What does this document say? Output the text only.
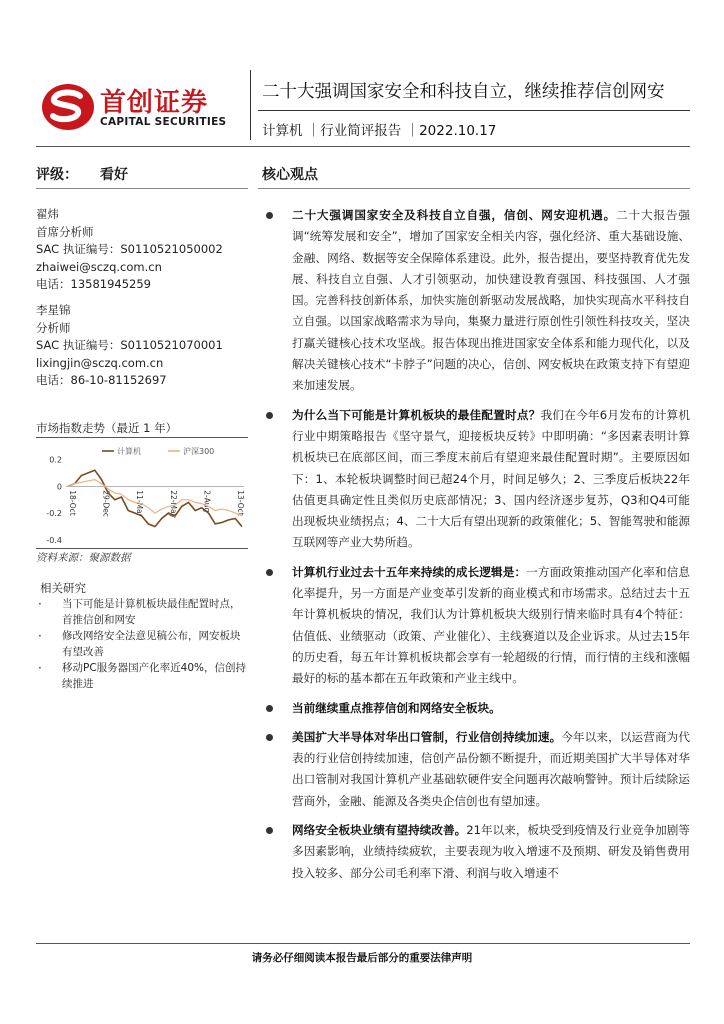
首创证券
CAPITAL SECURITIES
二十大强调国家安全和科技自立，继续推荐信创网安
计算机 ｜行业简评报告 ｜2022.10.17
评级： 看好	核心观点
翟炜
首席分析师
SAC 执证编号：S0110521050002
zhaiwei@sczq.com.cn
电话：13581945259
李星锦
分析师
SAC 执证编号：S0110521070001
lixingjin@sczq.com.cn
电话：86-10-81152697
市场指数走势（最近 1 年）
0.2
0
-0.2
-0.4
18-Oct	29-Dec	11-Mar	22-May	2-Aug	13-Oct
计算机	沪深300
资料来源：聚源数据
相关研究
· 当下可能是计算机板块最佳配置时点，首推信创和网安
· 修改网络安全法意见稿公布，网安板块有望改善
· 移动PC服务器国产化率近40%，信创持续推进
二十大强调国家安全及科技自立自强，信创、网安迎机遇。二十大报告强调“统筹发展和安全”，增加了国家安全相关内容，强化经济、重大基础设施、金融、网络、数据等安全保障体系建设。此外，报告提出，要坚持教育优先发展、科技自立自强、人才引领驱动，加快建设教育强国、科技强国、人才强国。完善科技创新体系，加快实施创新驱动发展战略，加快实现高水平科技自立自强。以国家战略需求为导向，集聚力量进行原创性引领性科技攻关，坚决打赢关键核心技术攻坚战。报告体现出推进国家安全体系和能力现代化，以及解决关键核心技术“卡脖子”问题的决心，信创、网安板块在政策支持下有望迎来加速发展。
为什么当下可能是计算机板块的最佳配置时点？我们在今年6月发布的计算机行业中期策略报告《坚守景气，迎接板块反转》中即明确：“多因素表明计算机板块已在底部区间，而三季度末前后有望迎来最佳配置时期”。主要原因如下：1、本轮板块调整时间已超24个月，时间足够久；2、三季度后板块22年估值更具确定性且类似历史底部情况；3、国内经济逐步复苏，Q3和Q4可能出现板块业绩拐点；4、二十大后有望出现新的政策催化；5、智能驾驶和能源互联网等产业大势所趋。
计算机行业过去十五年来持续的成长逻辑是：一方面政策推动国产化率和信息化率提升，另一方面是产业变革引发新的商业模式和市场需求。总结过去十五年计算机板块的情况，我们认为计算机板块大级别行情来临时具有4个特征：估值低、业绩驱动（政策、产业催化）、主线赛道以及企业诉求。从过去15年的历史看，每五年计算机板块都会享有一轮超级的行情，而行情的主线和涨幅最好的标的基本都在五年政策和产业主线中。
当前继续重点推荐信创和网络安全板块。
美国扩大半导体对华出口管制，行业信创持续加速。今年以来，以运营商为代表的行业信创持续加速，信创产品份额不断提升，而近期美国扩大半导体对华出口管制对我国计算机产业基础软硬件安全问题再次敲响警钟。预计后续除运营商外，金融、能源及各类央企信创也有望加速。
网络安全板块业绩有望持续改善。21年以来，板块受到疫情及行业竞争加剧等多因素影响，业绩持续疲软，主要表现为收入增速不及预期、研发及销售费用投入较多、部分公司毛利率下滑、利润与收入增速不
请务必仔细阅读本报告最后部分的重要法律声明
